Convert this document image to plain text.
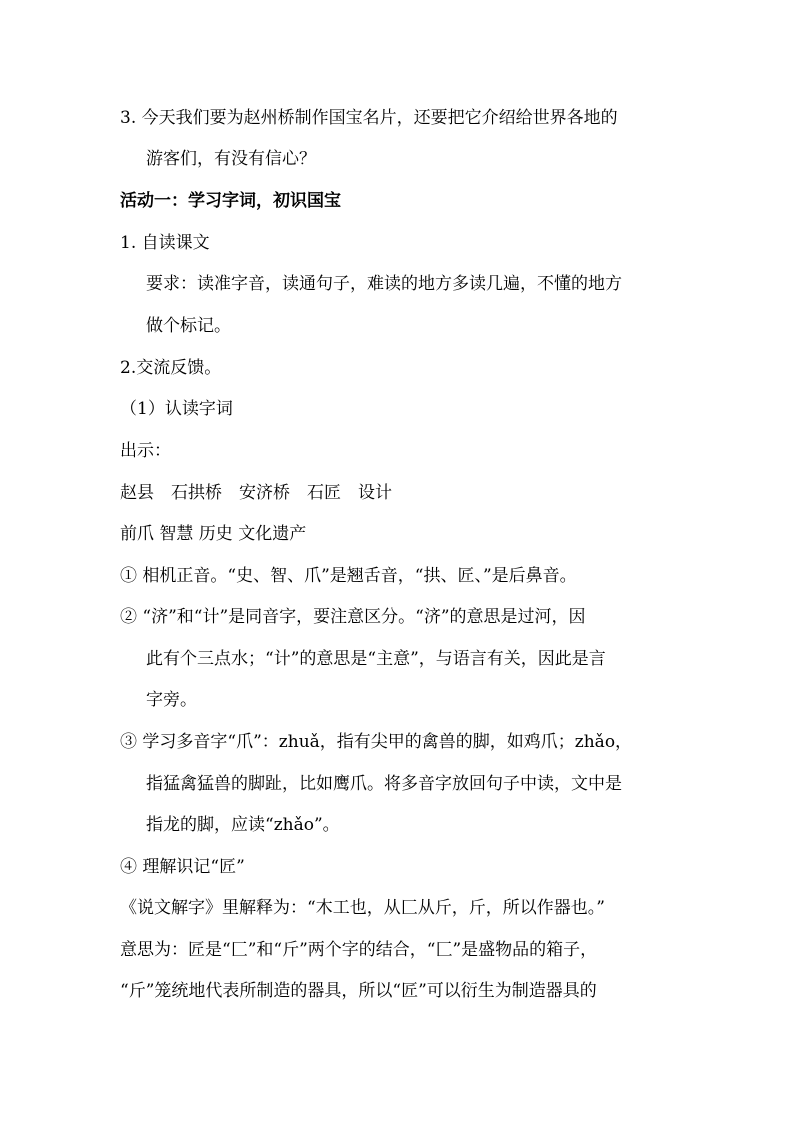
3. 今天我们要为赵州桥制作国宝名片，还要把它介绍给世界各地的
游客们，有没有信心？
活动一：学习字词，初识国宝
1. 自读课文
要求：读准字音，读通句子，难读的地方多读几遍，不懂的地方
做个标记。
2.交流反馈。
（1）认读字词
出示：
赵县　石拱桥　安济桥　石匠　设计
前爪 智慧 历史 文化遗产
① 相机正音。“史、智、爪”是翘舌音，“拱、匠、”是后鼻音。
② “济”和“计”是同音字，要注意区分。“济”的意思是过河，因
此有个三点水；“计”的意思是“主意”，与语言有关，因此是言
字旁。
③ 学习多音字“爪”：zhuǎ，指有尖甲的禽兽的脚，如鸡爪；zhǎo，
指猛禽猛兽的脚趾，比如鹰爪。将多音字放回句子中读，文中是
指龙的脚，应读“zhǎo”。
④ 理解识记“匠”
《说文解字》里解释为：“木工也，从匚从斤，斤，所以作器也。”
意思为：匠是“匚”和“斤”两个字的结合，“匚”是盛物品的箱子，
“斤”笼统地代表所制造的器具，所以“匠”可以衍生为制造器具的
